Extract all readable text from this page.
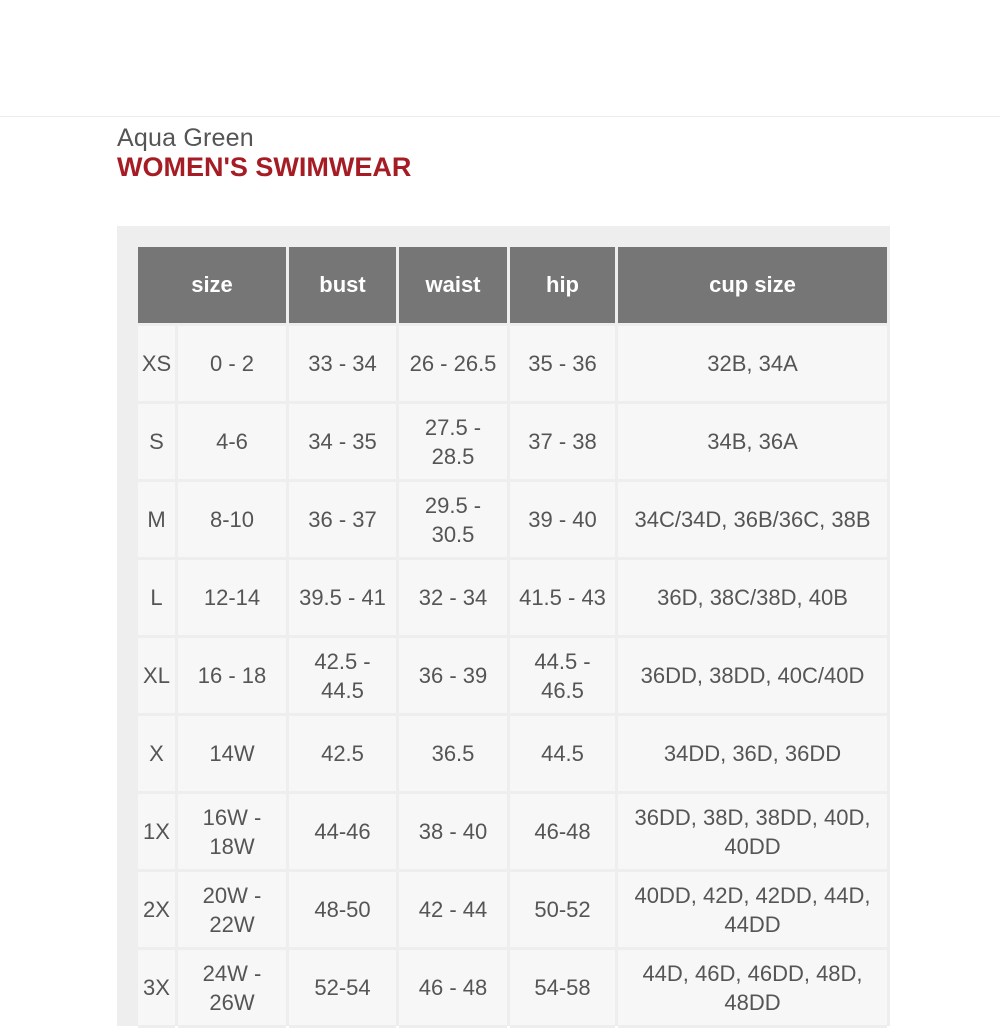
Aqua Green
WOMEN'S SWIMWEAR
size		bust	waist	hip	cup size
XS	0 - 2	33 - 34	26 - 26.5	35 - 36	32B, 34A
S	4-6	34 - 35	27.5 - 28.5	37 - 38	34B, 36A
M	8-10	36 - 37	29.5 - 30.5	39 - 40	34C/34D, 36B/36C, 38B
L	12-14	39.5 - 41	32 - 34	41.5 - 43	36D, 38C/38D, 40B
XL	16 - 18	42.5 - 44.5	36 - 39	44.5 - 46.5	36DD, 38DD, 40C/40D
X	14W	42.5	36.5	44.5	34DD, 36D, 36DD
1X	16W - 18W	44-46	38 - 40	46-48	36DD, 38D, 38DD, 40D, 40DD
2X	20W - 22W	48-50	42 - 44	50-52	40DD, 42D, 42DD, 44D, 44DD
3X	24W - 26W	52-54	46 - 48	54-58	44D, 46D, 46DD, 48D, 48DD
